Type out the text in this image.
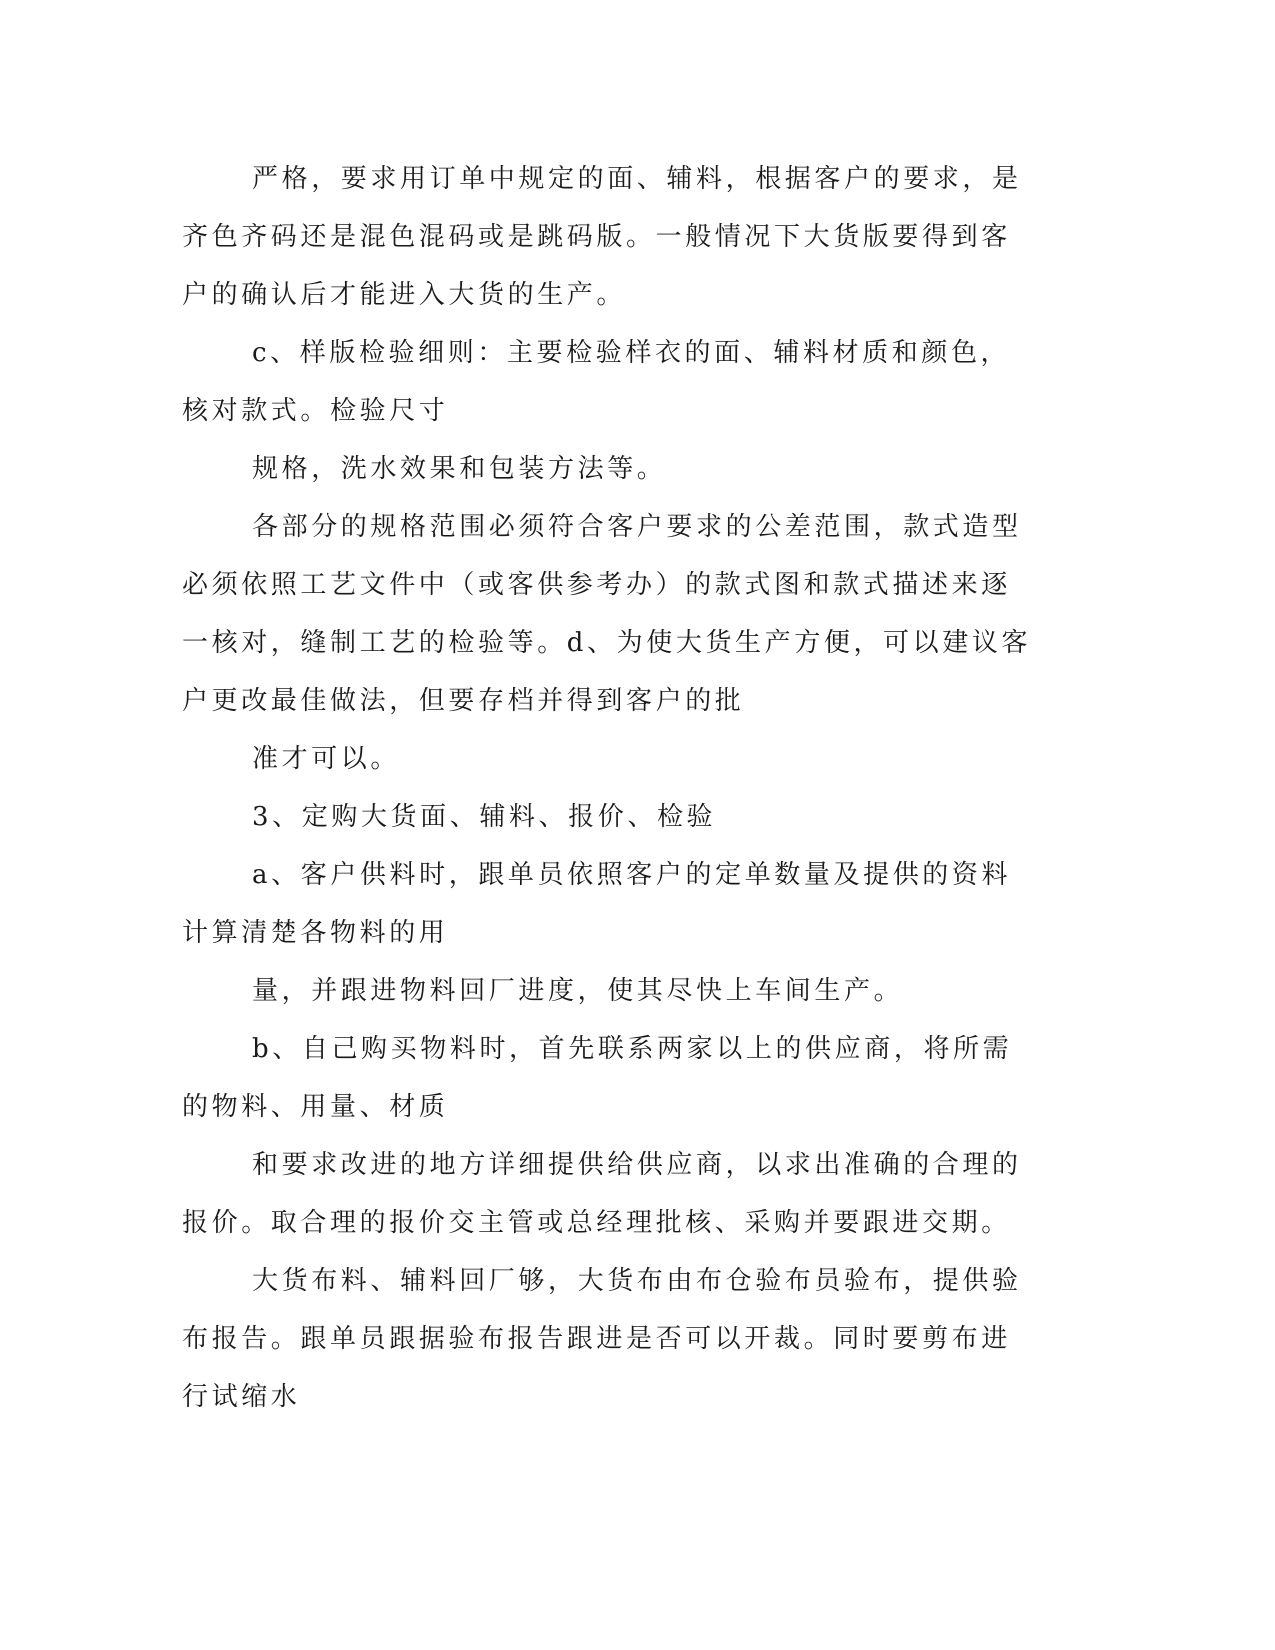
严格，要求用订单中规定的面、辅料，根据客户的要求，是齐色齐码还是混色混码或是跳码版。一般情况下大货版要得到客户的确认后才能进入大货的生产。

c、样版检验细则：主要检验样衣的面、辅料材质和颜色，核对款式。检验尺寸

规格，洗水效果和包装方法等。

各部分的规格范围必须符合客户要求的公差范围，款式造型必须依照工艺文件中（或客供参考办）的款式图和款式描述来逐一核对，缝制工艺的检验等。d、为使大货生产方便，可以建议客户更改最佳做法，但要存档并得到客户的批

准才可以。

3、定购大货面、辅料、报价、检验

a、客户供料时，跟单员依照客户的定单数量及提供的资料计算清楚各物料的用

量，并跟进物料回厂进度，使其尽快上车间生产。

b、自己购买物料时，首先联系两家以上的供应商，将所需的物料、用量、材质

和要求改进的地方详细提供给供应商，以求出准确的合理的报价。取合理的报价交主管或总经理批核、采购并要跟进交期。

大货布料、辅料回厂够，大货布由布仓验布员验布，提供验布报告。跟单员跟据验布报告跟进是否可以开裁。同时要剪布进行试缩水
